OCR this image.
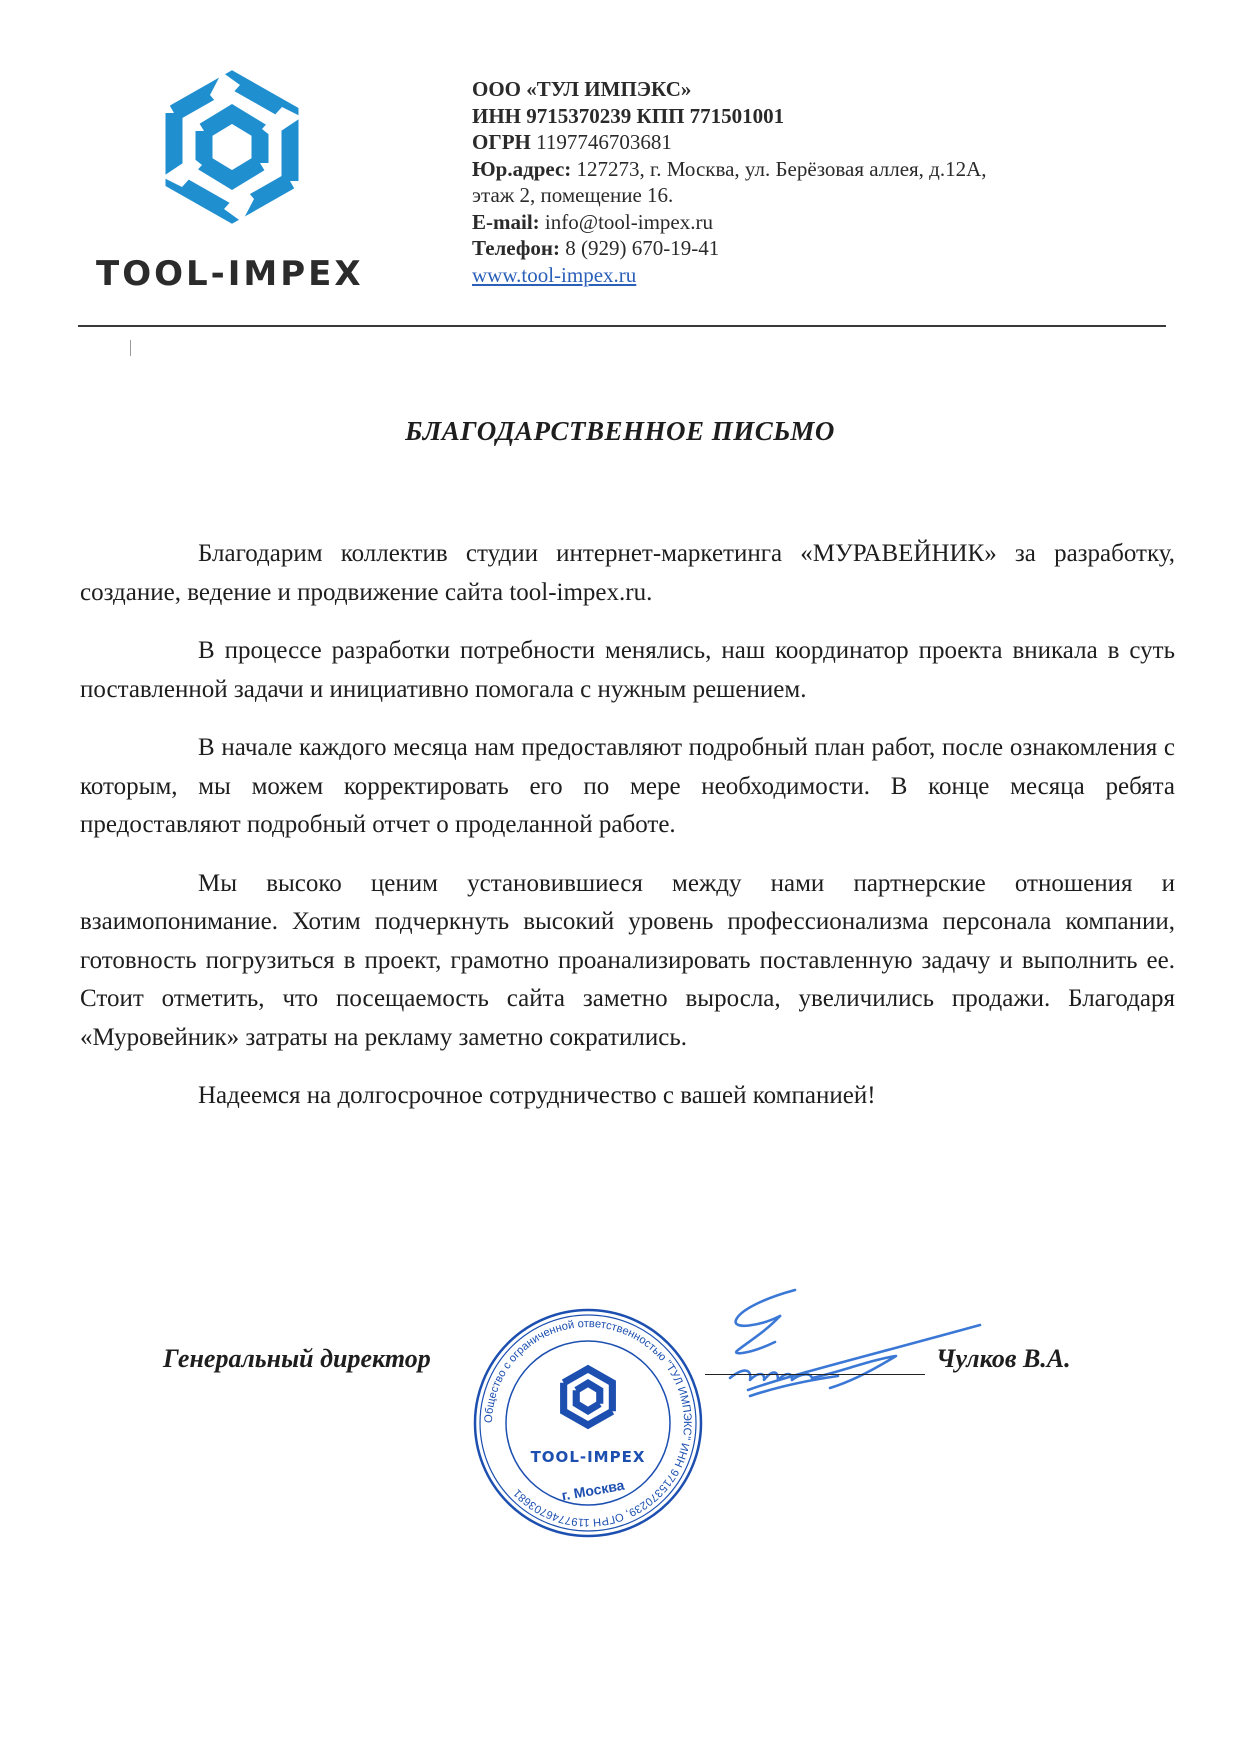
TOOL-IMPEX
ООО «ТУЛ ИМПЭКС»
ИНН 9715370239 КПП 771501001
ОГРН 1197746703681
Юр.адрес: 127273, г. Москва, ул. Берёзовая аллея, д.12А,
этаж 2, помещение 16.
E-mail: info@tool-impex.ru
Телефон: 8 (929) 670-19-41
www.tool-impex.ru
БЛАГОДАРСТВЕННОЕ ПИСЬМО

Благодарим коллектив студии интернет-маркетинга «МУРАВЕЙНИК» за разработку, создание, ведение и продвижение сайта tool-impex.ru.

В процессе разработки потребности менялись, наш координатор проекта вникала в суть поставленной задачи и инициативно помогала с нужным решением.

В начале каждого месяца нам предоставляют подробный план работ, после ознакомления с которым, мы можем корректировать его по мере необходимости. В конце месяца ребята предоставляют подробный отчет о проделанной работе.

Мы высоко ценим установившиеся между нами партнерские отношения и взаимопонимание. Хотим подчеркнуть высокий уровень профессионализма персонала компании, готовность погрузиться в проект, грамотно проанализировать поставленную задачу и выполнить ее. Стоит отметить, что посещаемость сайта заметно выросла, увеличились продажи. Благодаря «Муровейник» затраты на рекламу заметно сократились.

Надеемся на долгосрочное сотрудничество с вашей компанией!

Генеральный директор
Общество с ограниченной ответственностью "ТУЛ ИМПЭКС" ИНН 9715370239, ОГРН 1197746703681
TOOL-IMPEX
г. Москва
Чулков В.А.
